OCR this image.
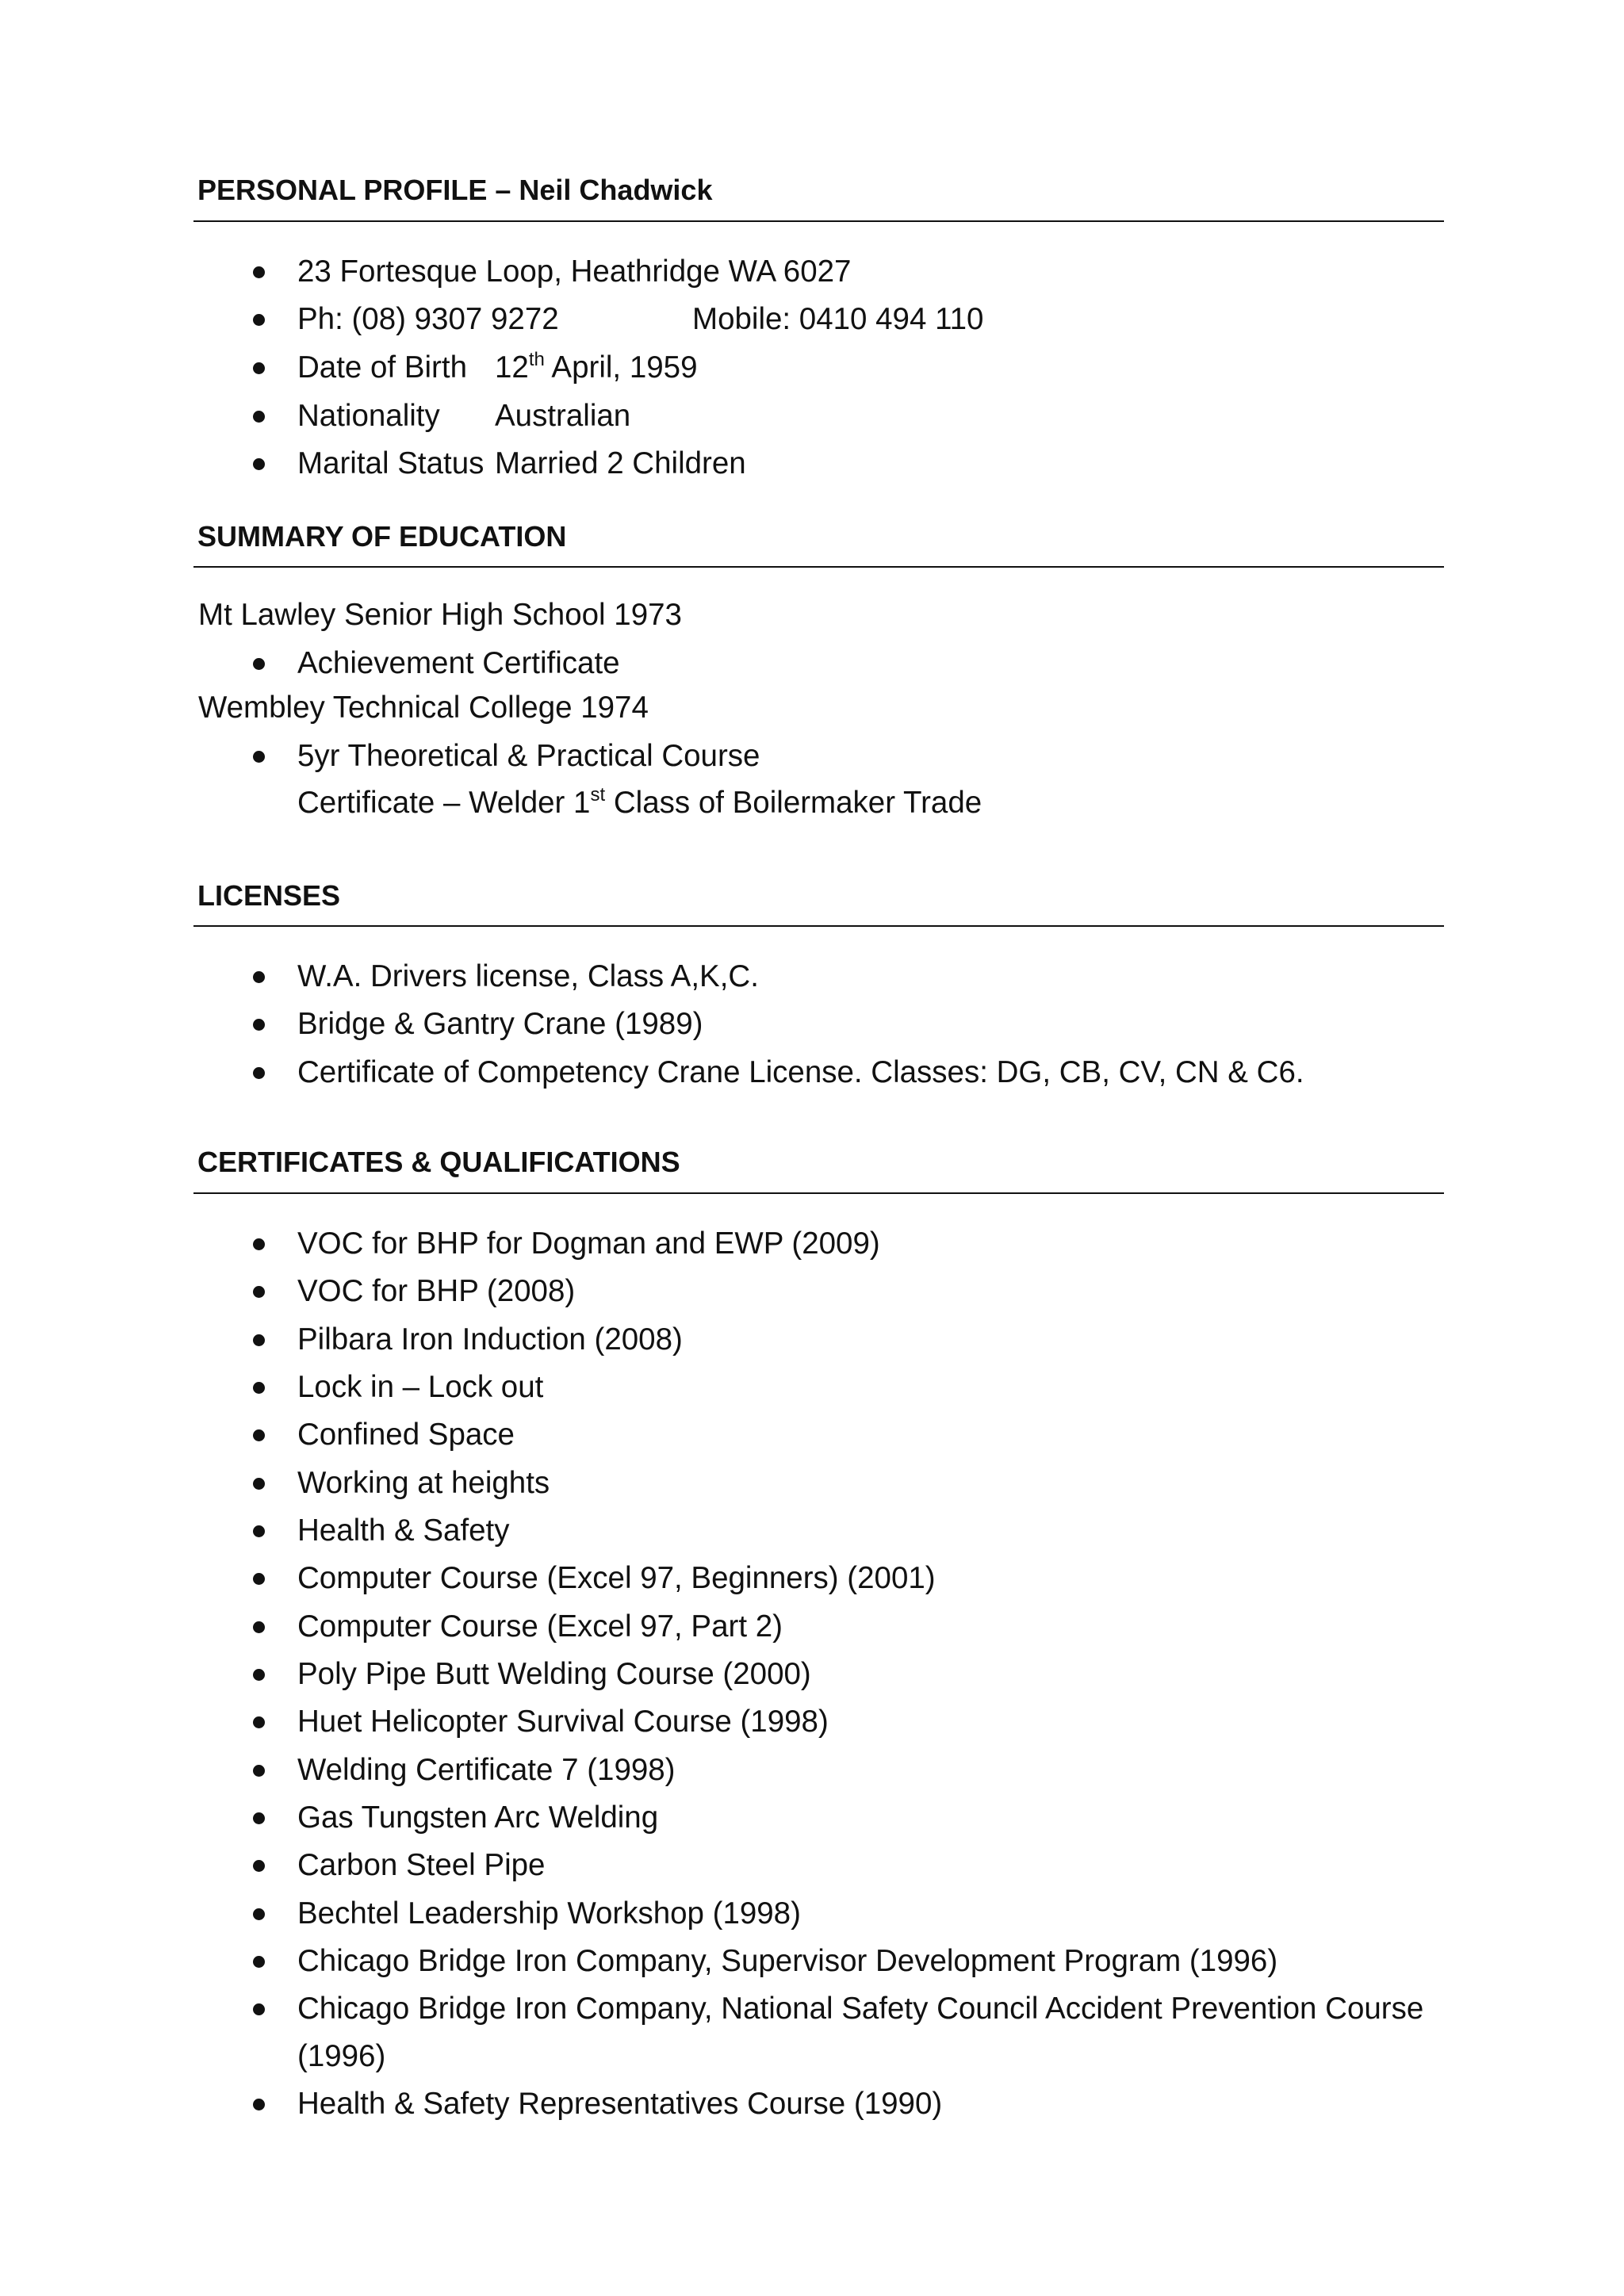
PERSONAL PROFILE – Neil Chadwick
23 Fortesque Loop, Heathridge WA 6027
Ph: (08) 9307 9272	Mobile: 0410 494 110
Date of Birth 12th April, 1959
Nationality Australian
Marital Status Married 2 Children
SUMMARY OF EDUCATION
Mt Lawley Senior High School 1973
Achievement Certificate
Wembley Technical College 1974
5yr Theoretical & Practical Course
Certificate – Welder 1st Class of Boilermaker Trade
LICENSES
W.A. Drivers license, Class A,K,C.
Bridge & Gantry Crane (1989)
Certificate of Competency Crane License. Classes: DG, CB, CV, CN & C6.
CERTIFICATES & QUALIFICATIONS
VOC for BHP for Dogman and EWP (2009)
VOC for BHP (2008)
Pilbara Iron Induction (2008)
Lock in – Lock out
Confined Space
Working at heights
Health & Safety
Computer Course (Excel 97, Beginners) (2001)
Computer Course (Excel 97, Part 2)
Poly Pipe Butt Welding Course (2000)
Huet Helicopter Survival Course (1998)
Welding Certificate 7 (1998)
Gas Tungsten Arc Welding
Carbon Steel Pipe
Bechtel Leadership Workshop (1998)
Chicago Bridge Iron Company, Supervisor Development Program (1996)
Chicago Bridge Iron Company, National Safety Council Accident Prevention Course
Health & Safety Representatives Course (1990)
(1996)
